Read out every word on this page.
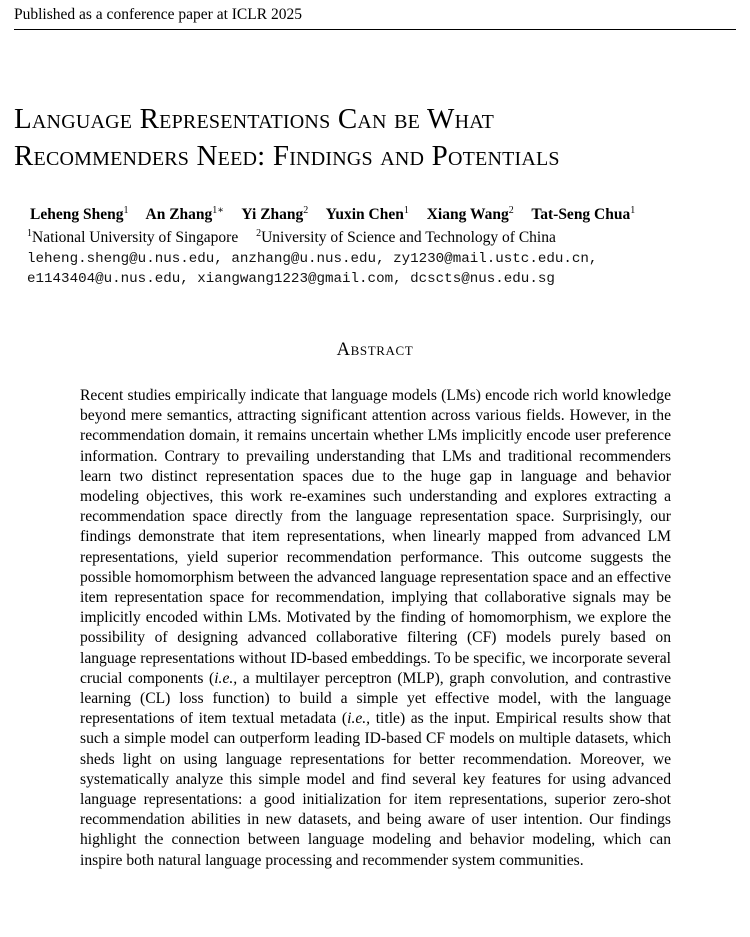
Published as a conference paper at ICLR 2025
Language Representations Can be What
Recommenders Need: Findings and Potentials
Leheng Sheng$^1$ An Zhang$^{1∗}$ Yi Zhang$^2$ Yuxin Chen$^1$ Xiang Wang$^2$ Tat-Seng Chua$^1$
$^1$National University of Singapore $^2$University of Science and Technology of China
leheng.sheng@u.nus.edu, anzhang@u.nus.edu, zy1230@mail.ustc.edu.cn,
e1143404@u.nus.edu, xiangwang1223@gmail.com, dcscts@nus.edu.sg
Abstract
Recent studies empirically indicate that language models (LMs) encode rich world knowledge beyond mere semantics, attracting significant attention across various fields. However, in the recommendation domain, it remains uncertain whether LMs implicitly encode user preference information. Contrary to prevailing understanding that LMs and traditional recommenders learn two distinct representation spaces due to the huge gap in language and behavior modeling objectives, this work re-examines such understanding and explores extracting a recommendation space directly from the language representation space. Surprisingly, our findings demonstrate that item representations, when linearly mapped from advanced LM representations, yield superior recommendation performance. This outcome suggests the possible homomorphism between the advanced language representation space and an effective item representation space for recommendation, implying that collaborative signals may be implicitly encoded within LMs. Motivated by the finding of homomorphism, we explore the possibility of designing advanced collaborative filtering (CF) models purely based on language representations without ID-based embeddings. To be specific, we incorporate several crucial components (i.e., a multilayer perceptron (MLP), graph convolution, and contrastive learning (CL) loss function) to build a simple yet effective model, with the language representations of item textual metadata (i.e., title) as the input. Empirical results show that such a simple model can outperform leading ID-based CF models on multiple datasets, which sheds light on using language representations for better recommendation. Moreover, we systematically analyze this simple model and find several key features for using advanced language representations: a good initialization for item representations, superior zero-shot recommendation abilities in new datasets, and being aware of user intention. Our findings highlight the connection between language modeling and behavior modeling, which can inspire both natural language processing and recommender system communities.
